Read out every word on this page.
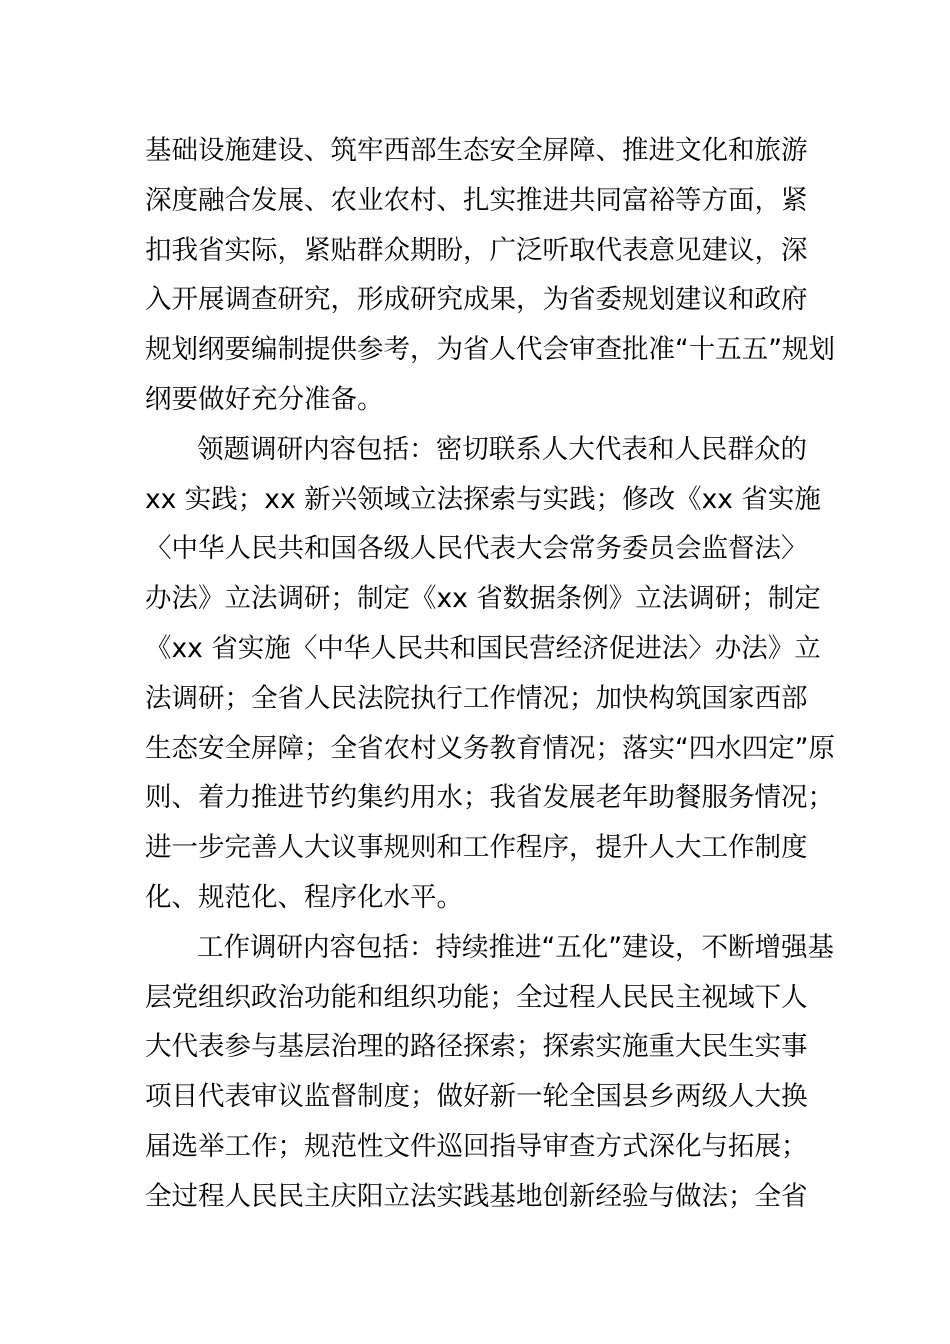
基础设施建设、筑牢西部生态安全屏障、推进文化和旅游
深度融合发展、农业农村、扎实推进共同富裕等方面，紧
扣我省实际，紧贴群众期盼，广泛听取代表意见建议，深
入开展调查研究，形成研究成果，为省委规划建议和政府
规划纲要编制提供参考，为省人代会审查批准“十五五”规划
纲要做好充分准备。
领题调研内容包括：密切联系人大代表和人民群众的
xx 实践；xx 新兴领域立法探索与实践；修改《xx 省实施
〈中华人民共和国各级人民代表大会常务委员会监督法〉
办法》立法调研；制定《xx 省数据条例》立法调研；制定
《xx 省实施〈中华人民共和国民营经济促进法〉办法》立
法调研；全省人民法院执行工作情况；加快构筑国家西部
生态安全屏障；全省农村义务教育情况；落实“四水四定”原
则、着力推进节约集约用水；我省发展老年助餐服务情况；
进一步完善人大议事规则和工作程序，提升人大工作制度
化、规范化、程序化水平。
工作调研内容包括：持续推进“五化”建设，不断增强基
层党组织政治功能和组织功能；全过程人民民主视域下人
大代表参与基层治理的路径探索；探索实施重大民生实事
项目代表审议监督制度；做好新一轮全国县乡两级人大换
届选举工作；规范性文件巡回指导审查方式深化与拓展；
全过程人民民主庆阳立法实践基地创新经验与做法；全省
